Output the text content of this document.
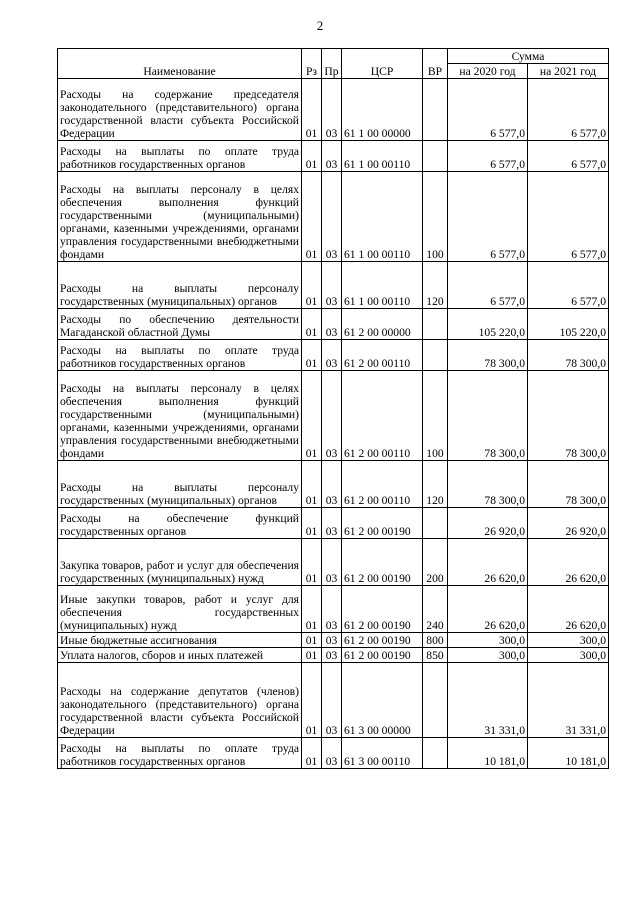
2
Наименование	Рз	Пр	ЦСР	ВР	Сумма	
					на 2020 год	на 2021 год
Расходы на содержание председателя законодательного (представительного) органа государственной власти субъекта Российской Федерации	01	03	61 1 00 00000		6 577,0	6 577,0
Расходы на выплаты по оплате труда работников государственных органов	01	03	61 1 00 00110		6 577,0	6 577,0
Расходы на выплаты персоналу в целях обеспечения выполнения функций государственными (муниципальными) органами, казенными учреждениями, органами управления государственными внебюджетными фондами	01	03	61 1 00 00110	100	6 577,0	6 577,0
Расходы на выплаты персоналу государственных (муниципальных) органов	01	03	61 1 00 00110	120	6 577,0	6 577,0
Расходы по обеспечению деятельности Магаданской областной Думы	01	03	61 2 00 00000		105 220,0	105 220,0
Расходы на выплаты по оплате труда работников государственных органов	01	03	61 2 00 00110		78 300,0	78 300,0
Расходы на выплаты персоналу в целях обеспечения выполнения функций государственными (муниципальными) органами, казенными учреждениями, органами управления государственными внебюджетными фондами	01	03	61 2 00 00110	100	78 300,0	78 300,0
Расходы на выплаты персоналу государственных (муниципальных) органов	01	03	61 2 00 00110	120	78 300,0	78 300,0
Расходы на обеспечение функций государственных органов	01	03	61 2 00 00190		26 920,0	26 920,0
Закупка товаров, работ и услуг для обеспечения государственных (муниципальных) нужд	01	03	61 2 00 00190	200	26 620,0	26 620,0
Иные закупки товаров, работ и услуг для обеспечения государственных (муниципальных) нужд	01	03	61 2 00 00190	240	26 620,0	26 620,0
Иные бюджетные ассигнования	01	03	61 2 00 00190	800	300,0	300,0
Уплата налогов, сборов и иных платежей	01	03	61 2 00 00190	850	300,0	300,0
Расходы на содержание депутатов (членов) законодательного (представительного) органа государственной власти субъекта Российской Федерации	01	03	61 3 00 00000		31 331,0	31 331,0
Расходы на выплаты по оплате труда работников государственных органов	01	03	61 3 00 00110		10 181,0	10 181,0
